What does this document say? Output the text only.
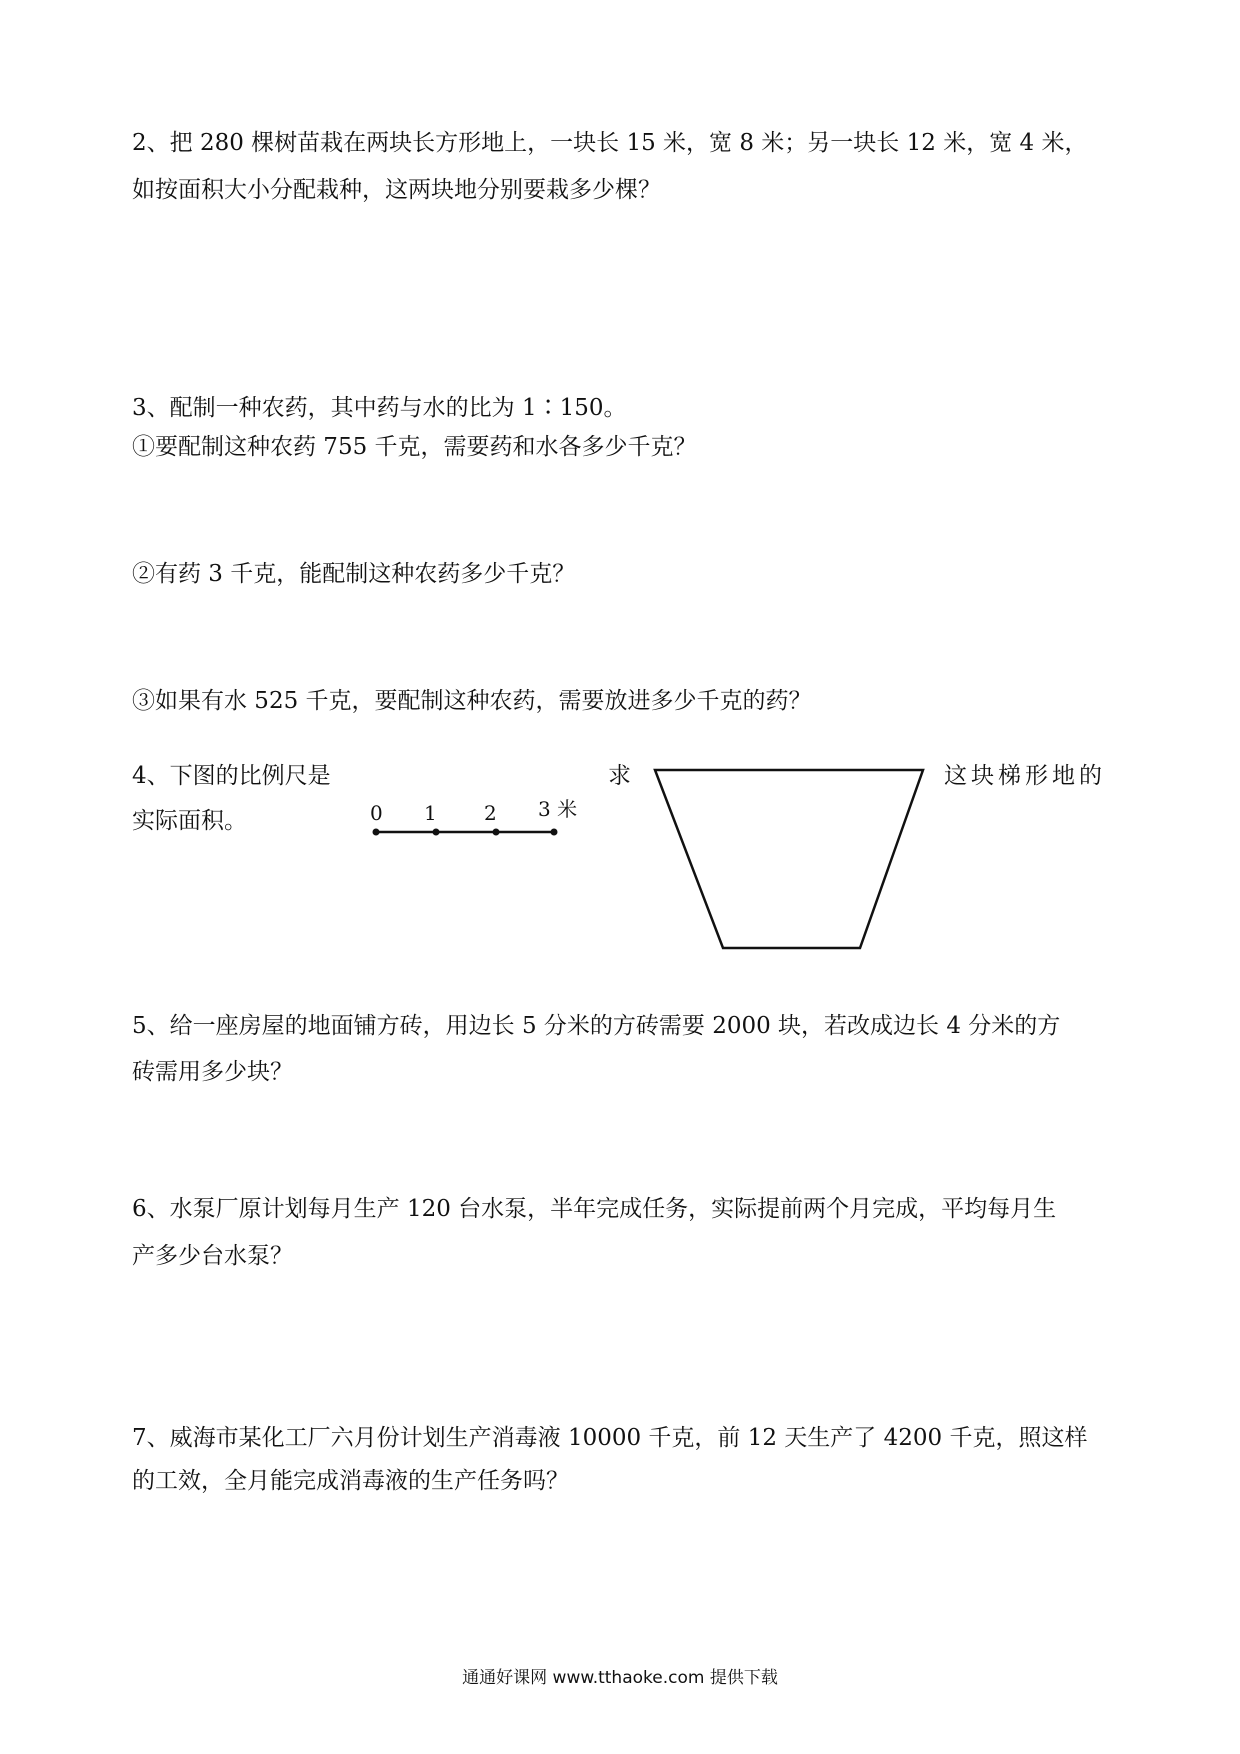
2、把 280 棵树苗栽在两块长方形地上，一块长 15 米，宽 8 米；另一块长 12 米，宽 4 米，
如按面积大小分配栽种，这两块地分别要栽多少棵？
3、配制一种农药，其中药与水的比为 1∶150。
①要配制这种农药 755 千克，需要药和水各多少千克？
②有药 3 千克，能配制这种农药多少千克？
③如果有水 525 千克，要配制这种农药，需要放进多少千克的药？
4、下图的比例尺是
实际面积。
求	这块梯形地的
0 1 2 3 米
5、给一座房屋的地面铺方砖，用边长 5 分米的方砖需要 2000 块，若改成边长 4 分米的方
砖需用多少块？
6、水泵厂原计划每月生产 120 台水泵，半年完成任务，实际提前两个月完成，平均每月生
产多少台水泵？
7、威海市某化工厂六月份计划生产消毒液 10000 千克，前 12 天生产了 4200 千克，照这样
的工效，全月能完成消毒液的生产任务吗？
通通好课网 www.tthaoke.com 提供下载
